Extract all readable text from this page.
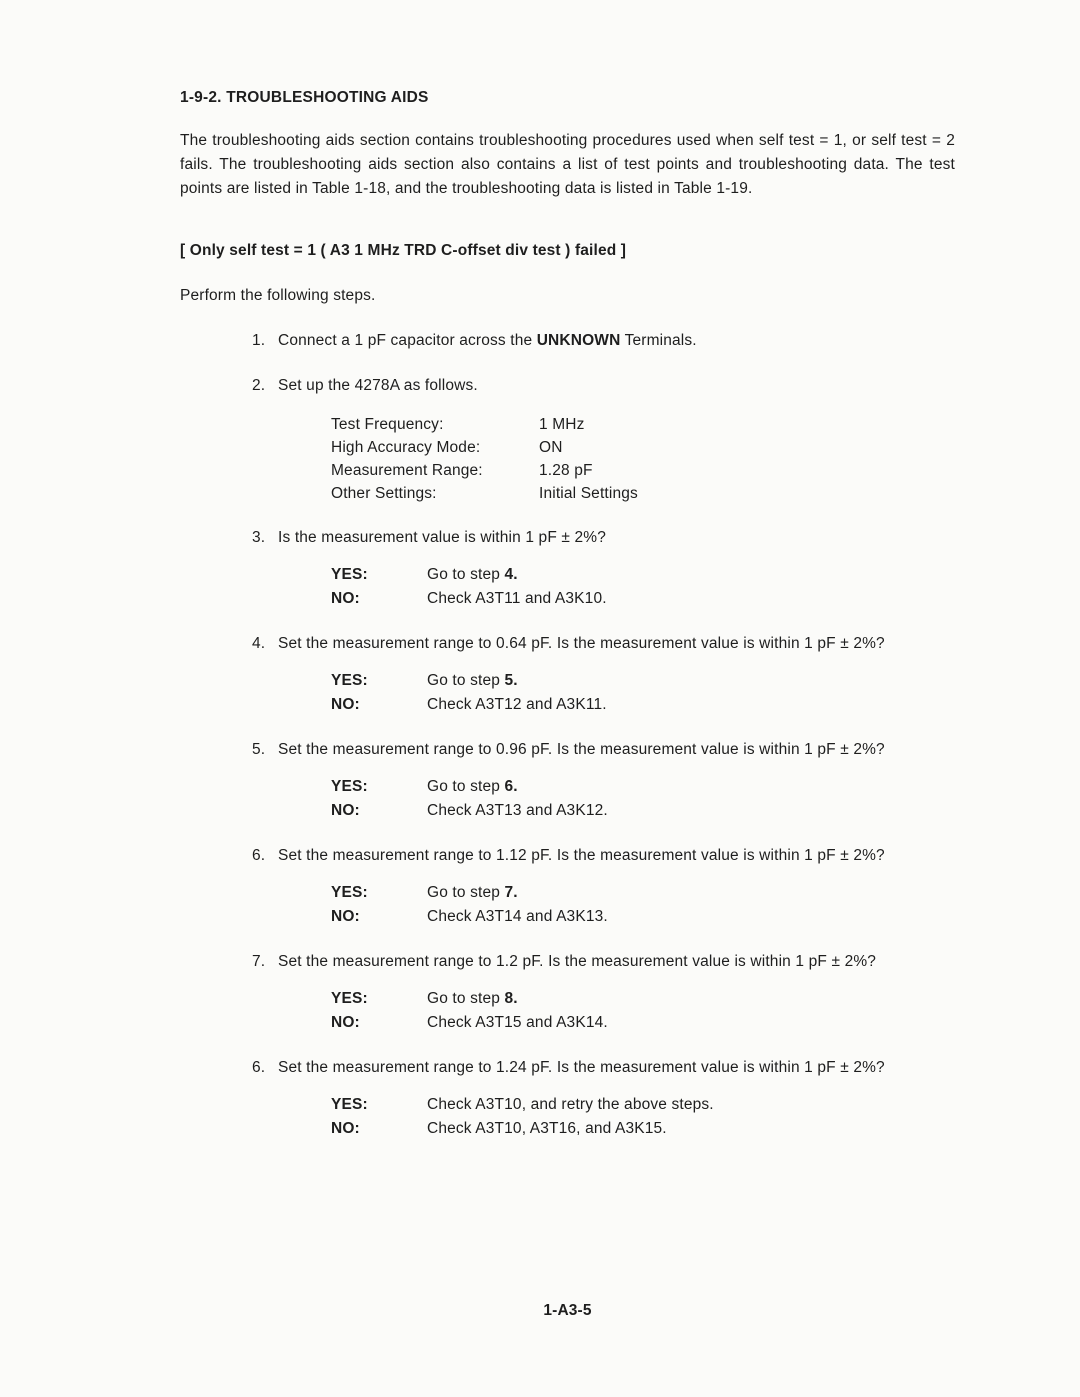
1-9-2. TROUBLESHOOTING AIDS

The troubleshooting aids section contains troubleshooting procedures used when self test = 1, or self test = 2 fails. The troubleshooting aids section also contains a list of test points and troubleshooting data. The test points are listed in Table 1-18, and the troubleshooting data is listed in Table 1-19.

[ Only self test = 1 ( A3 1 MHz TRD C-offset div test ) failed ]

Perform the following steps.

1. Connect a 1 pF capacitor across the UNKNOWN Terminals.
2. Set up the 4278A as follows.
Test Frequency:	1 MHz
High Accuracy Mode:	ON
Measurement Range:	1.28 pF
Other Settings:	Initial Settings
3. Is the measurement value is within 1 pF ± 2%?
YES:	Go to step 4.
NO:	Check A3T11 and A3K10.
4. Set the measurement range to 0.64 pF. Is the measurement value is within 1 pF ± 2%?
YES:	Go to step 5.
NO:	Check A3T12 and A3K11.
5. Set the measurement range to 0.96 pF. Is the measurement value is within 1 pF ± 2%?
YES:	Go to step 6.
NO:	Check A3T13 and A3K12.
6. Set the measurement range to 1.12 pF. Is the measurement value is within 1 pF ± 2%?
YES:	Go to step 7.
NO:	Check A3T14 and A3K13.
7. Set the measurement range to 1.2 pF. Is the measurement value is within 1 pF ± 2%?
YES:	Go to step 8.
NO:	Check A3T15 and A3K14.
6. Set the measurement range to 1.24 pF. Is the measurement value is within 1 pF ± 2%?
YES:	Check A3T10, and retry the above steps.
NO:	Check A3T10, A3T16, and A3K15.
1-A3-5
